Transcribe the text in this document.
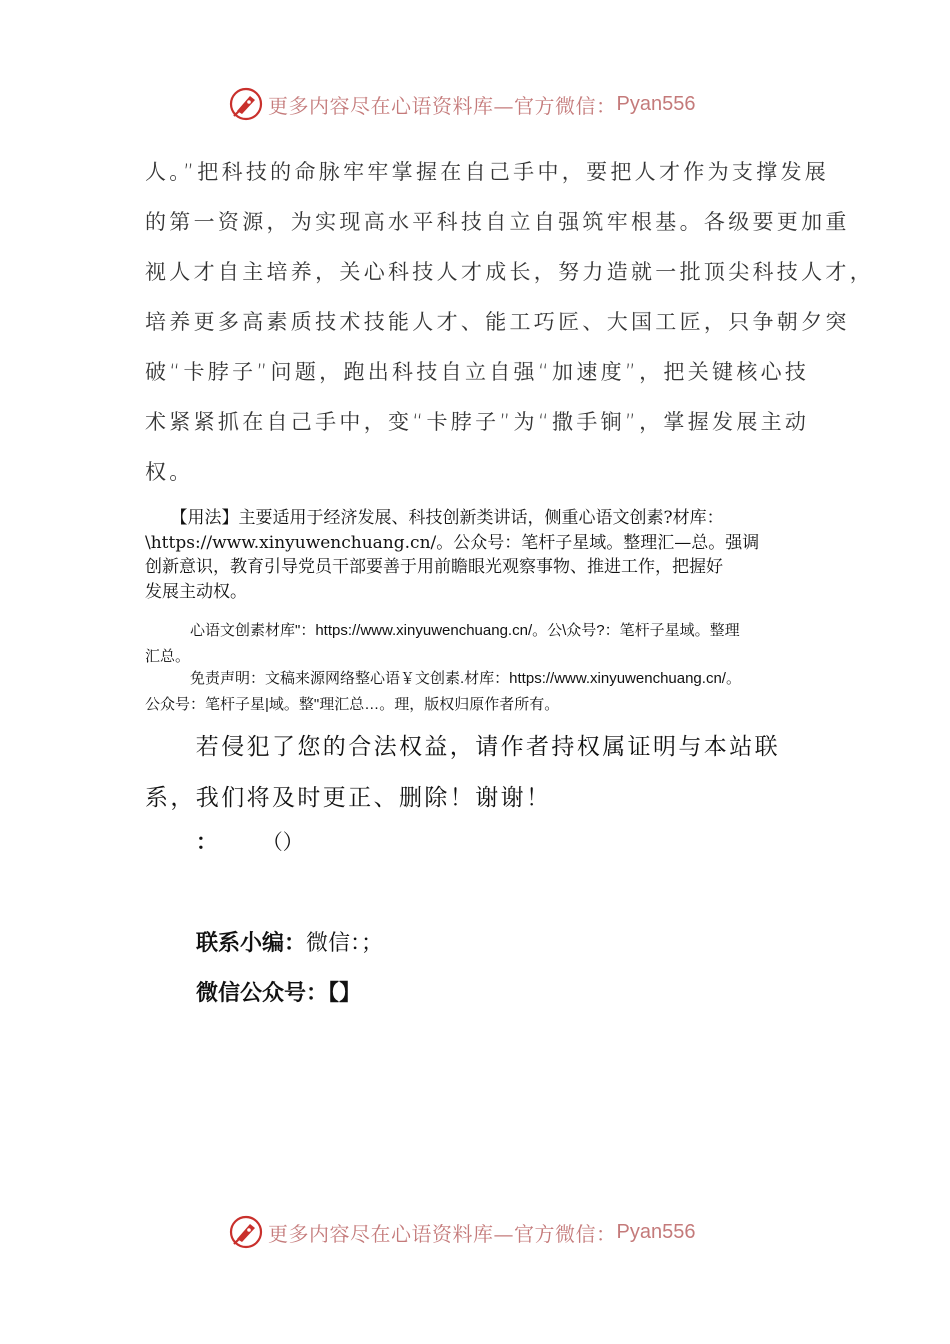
更多内容尽在心语资料库—官方微信： Pyan556

人。”把科技的命脉牢牢掌握在自己手中，要把人才作为支撑发展

的第一资源，为实现高水平科技自立自强筑牢根基。各级要更加重

视人才自主培养，关心科技人才成长，努力造就一批顶尖科技人才，

培养更多高素质技术技能人才、能工巧匠、大国工匠，只争朝夕突

破“卡脖子”问题，跑出科技自立自强“加速度”，把关键核心技

术紧紧抓在自己手中，变“卡脖子”为“撒手锏”，掌握发展主动

权。

　　【用法】主要适用于经济发展、科技创新类讲话，侧重心语文创素?材库：

\https://www.xinyuwenchuang.cn/。公众号：笔杆子星域。整理汇—总。强调

创新意识，教育引导党员干部要善于用前瞻眼光观察事物、推进工作，把握好

发展主动权。

　　　心语文创素材库"：https://www.xinyuwenchuang.cn/。公\众号?：笔杆子星域。整理

汇总。

　　　免责声明：文稿来源网络整心语￥文创素.材库：https://www.xinyuwenchuang.cn/。

公众号：笔杆子星|域。整"理汇总…。理，版权归原作者所有。

　　若侵犯了您的合法权益，请作者持权属证明与本站联

系，我们将及时更正、删除！谢谢！

： （）
联系小编：微信：；
微信公众号：【】
更多内容尽在心语资料库—官方微信： Pyan556
